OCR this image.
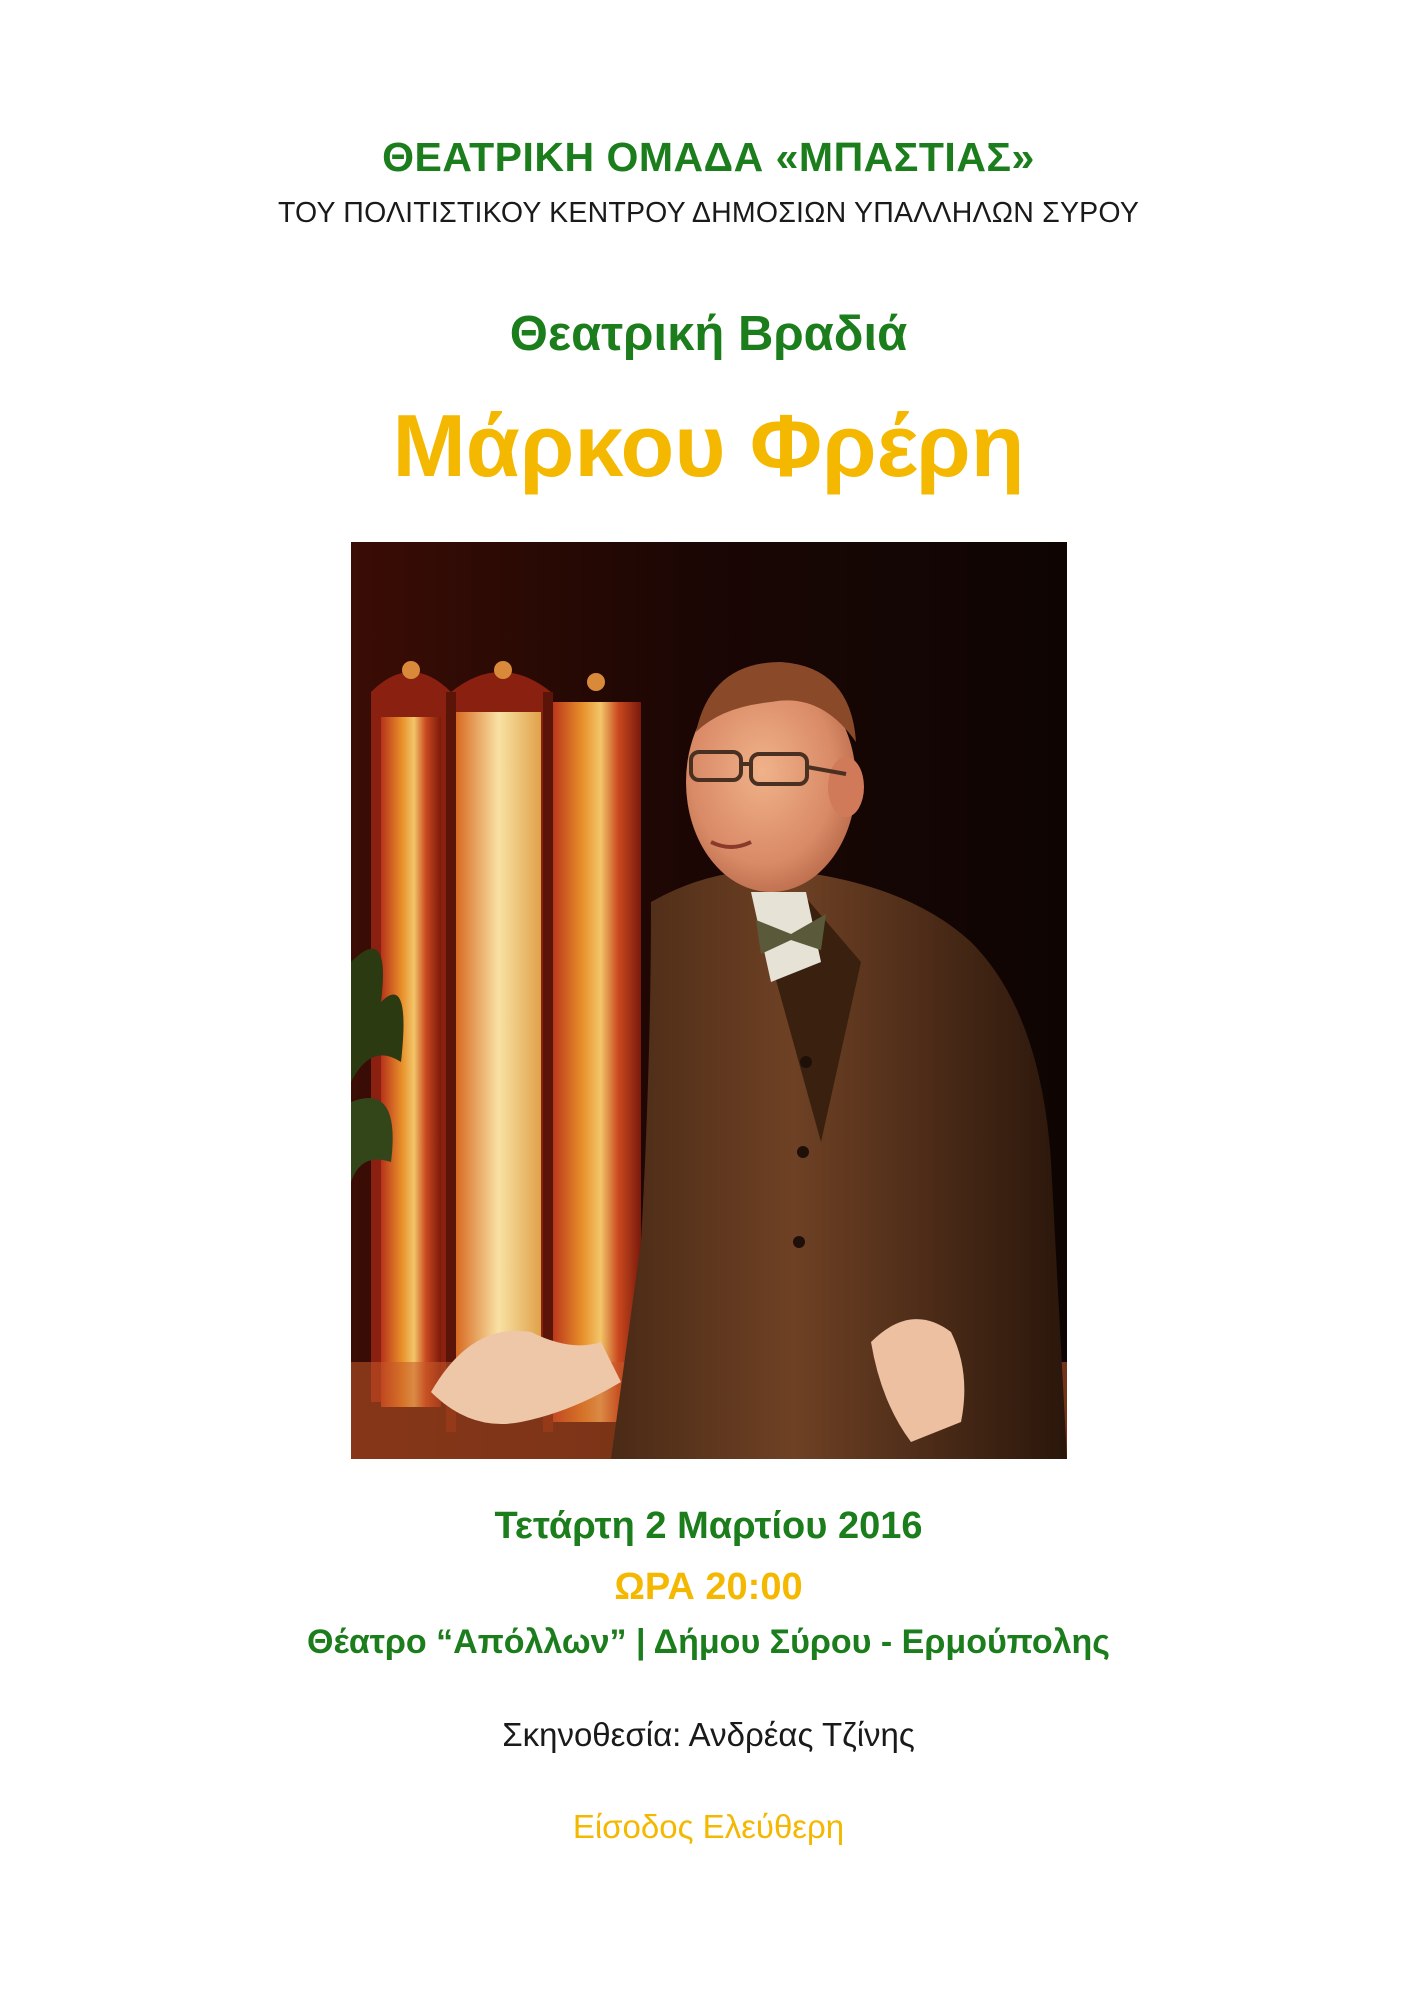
ΘΕΑΤΡΙΚΗ ΟΜΑΔΑ «ΜΠΑΣΤΙΑΣ»
ΤΟΥ ΠΟΛΙΤΙΣΤΙΚΟΥ ΚΕΝΤΡΟΥ ΔΗΜΟΣΙΩΝ ΥΠΑΛΛΗΛΩΝ ΣΥΡΟΥ
Θεατρική Βραδιά
Μάρκου Φρέρη
Τετάρτη 2 Μαρτίου 2016
ΩΡΑ 20:00
Θέατρο “Απόλλων” | Δήμου Σύρου - Ερμούπολης
Σκηνοθεσία: Ανδρέας Τζίνης
Είσοδος Ελεύθερη
